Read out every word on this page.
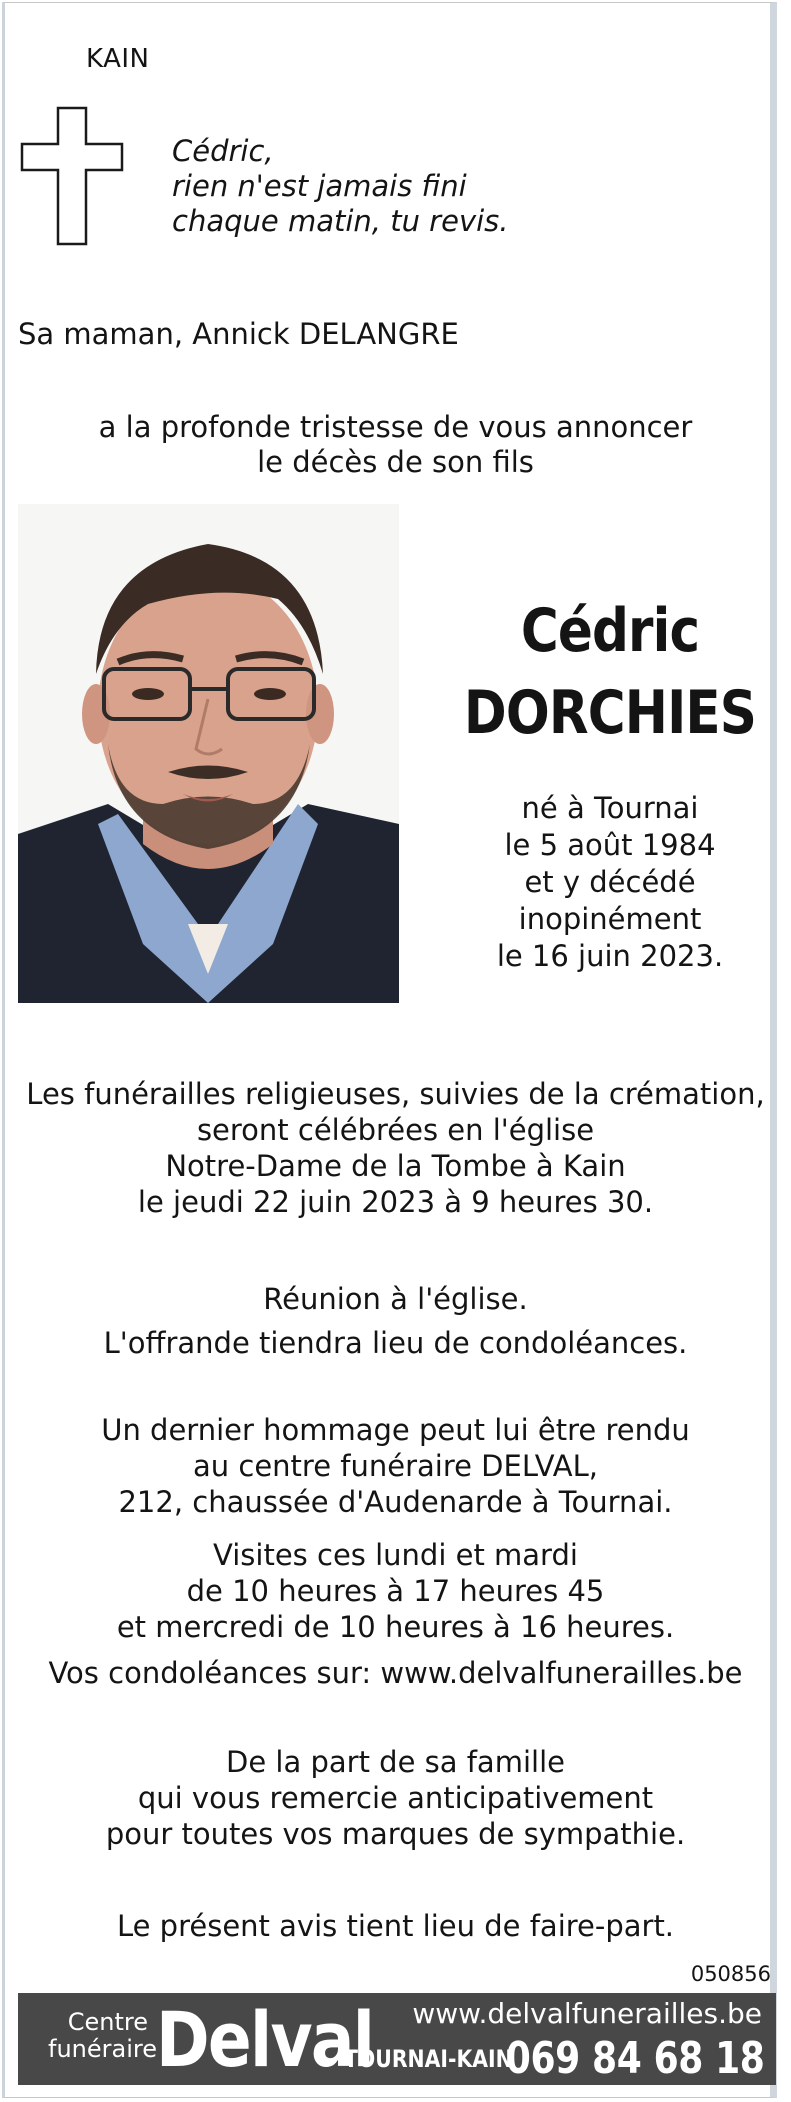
KAIN
Cédric,
rien n'est jamais fini
chaque matin, tu revis.
Sa maman, Annick DELANGRE
a la profonde tristesse de vous annoncer
le décès de son fils
Cédric
DORCHIES
né à Tournai
le 5 août 1984
et y décédé
inopinément
le 16 juin 2023.
Les funérailles religieuses, suivies de la crémation,
seront célébrées en l'église
Notre-Dame de la Tombe à Kain
le jeudi 22 juin 2023 à 9 heures 30.
Réunion à l'église.
L'offrande tiendra lieu de condoléances.
Un dernier hommage peut lui être rendu
au centre funéraire DELVAL,
212, chaussée d'Audenarde à Tournai.
Visites ces lundi et mardi
de 10 heures à 17 heures 45
et mercredi de 10 heures à 16 heures.
Vos condoléances sur: www.delvalfunerailles.be
De la part de sa famille
qui vous remercie anticipativement
pour toutes vos marques de sympathie.
Le présent avis tient lieu de faire-part.
050856
Centre
funéraire Delval www.delvalfunerailles.be
TOURNAI-KAIN
069 84 68 18
